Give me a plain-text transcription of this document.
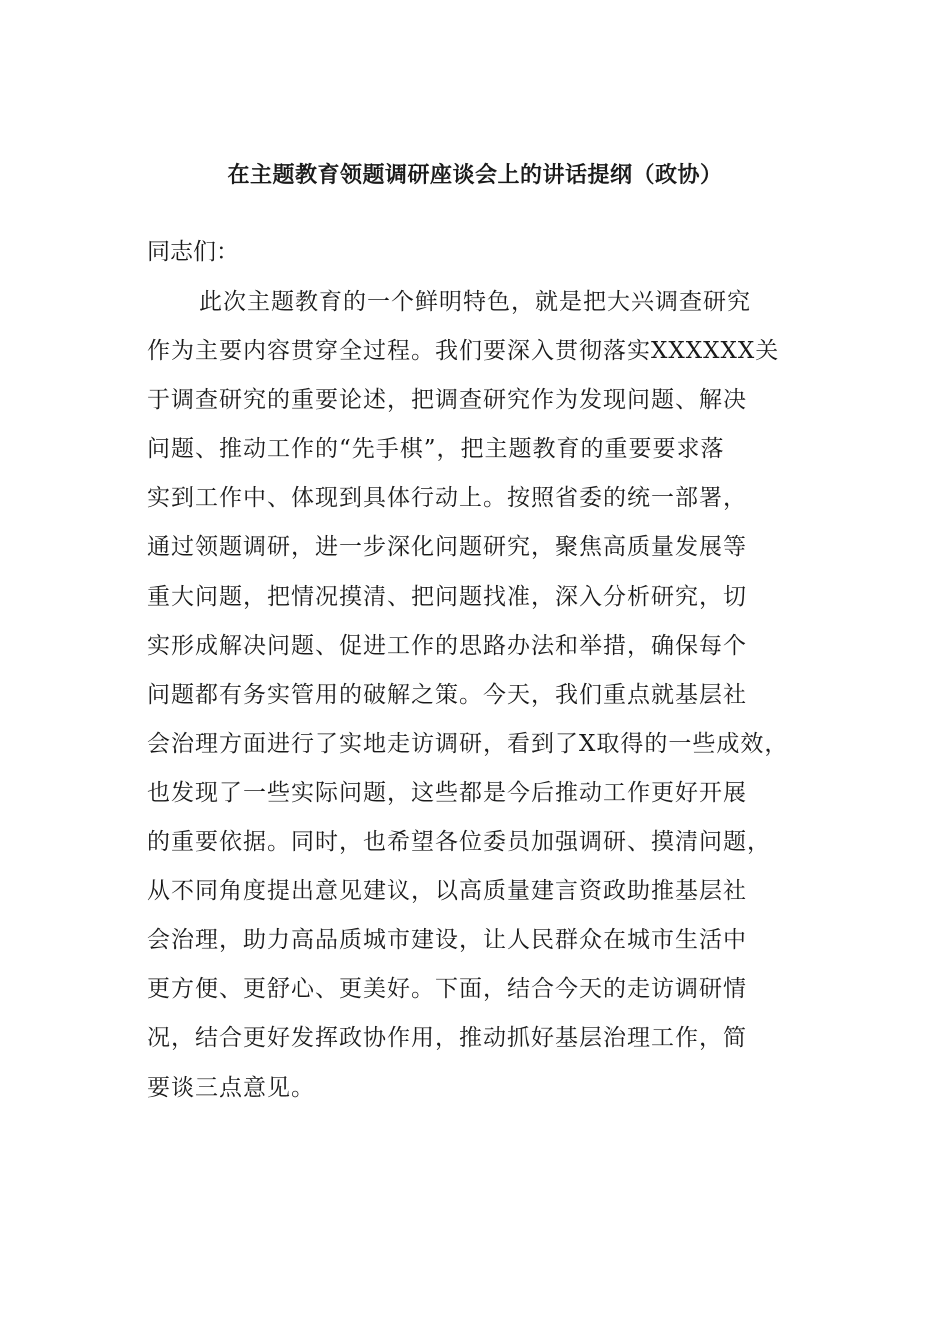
在主题教育领题调研座谈会上的讲话提纲（政协）
同志们：
此次主题教育的一个鲜明特色，就是把大兴调查研究
作为主要内容贯穿全过程。我们要深入贯彻落实XXXXXX关
于调查研究的重要论述，把调查研究作为发现问题、解决
问题、推动工作的“先手棋”，把主题教育的重要要求落
实到工作中、体现到具体行动上。按照省委的统一部署，
通过领题调研，进一步深化问题研究，聚焦高质量发展等
重大问题，把情况摸清、把问题找准，深入分析研究，切
实形成解决问题、促进工作的思路办法和举措，确保每个
问题都有务实管用的破解之策。今天，我们重点就基层社
会治理方面进行了实地走访调研，看到了X取得的一些成效，
也发现了一些实际问题，这些都是今后推动工作更好开展
的重要依据。同时，也希望各位委员加强调研、摸清问题，
从不同角度提出意见建议，以高质量建言资政助推基层社
会治理，助力高品质城市建设，让人民群众在城市生活中
更方便、更舒心、更美好。下面，结合今天的走访调研情
况，结合更好发挥政协作用，推动抓好基层治理工作，简
要谈三点意见。
